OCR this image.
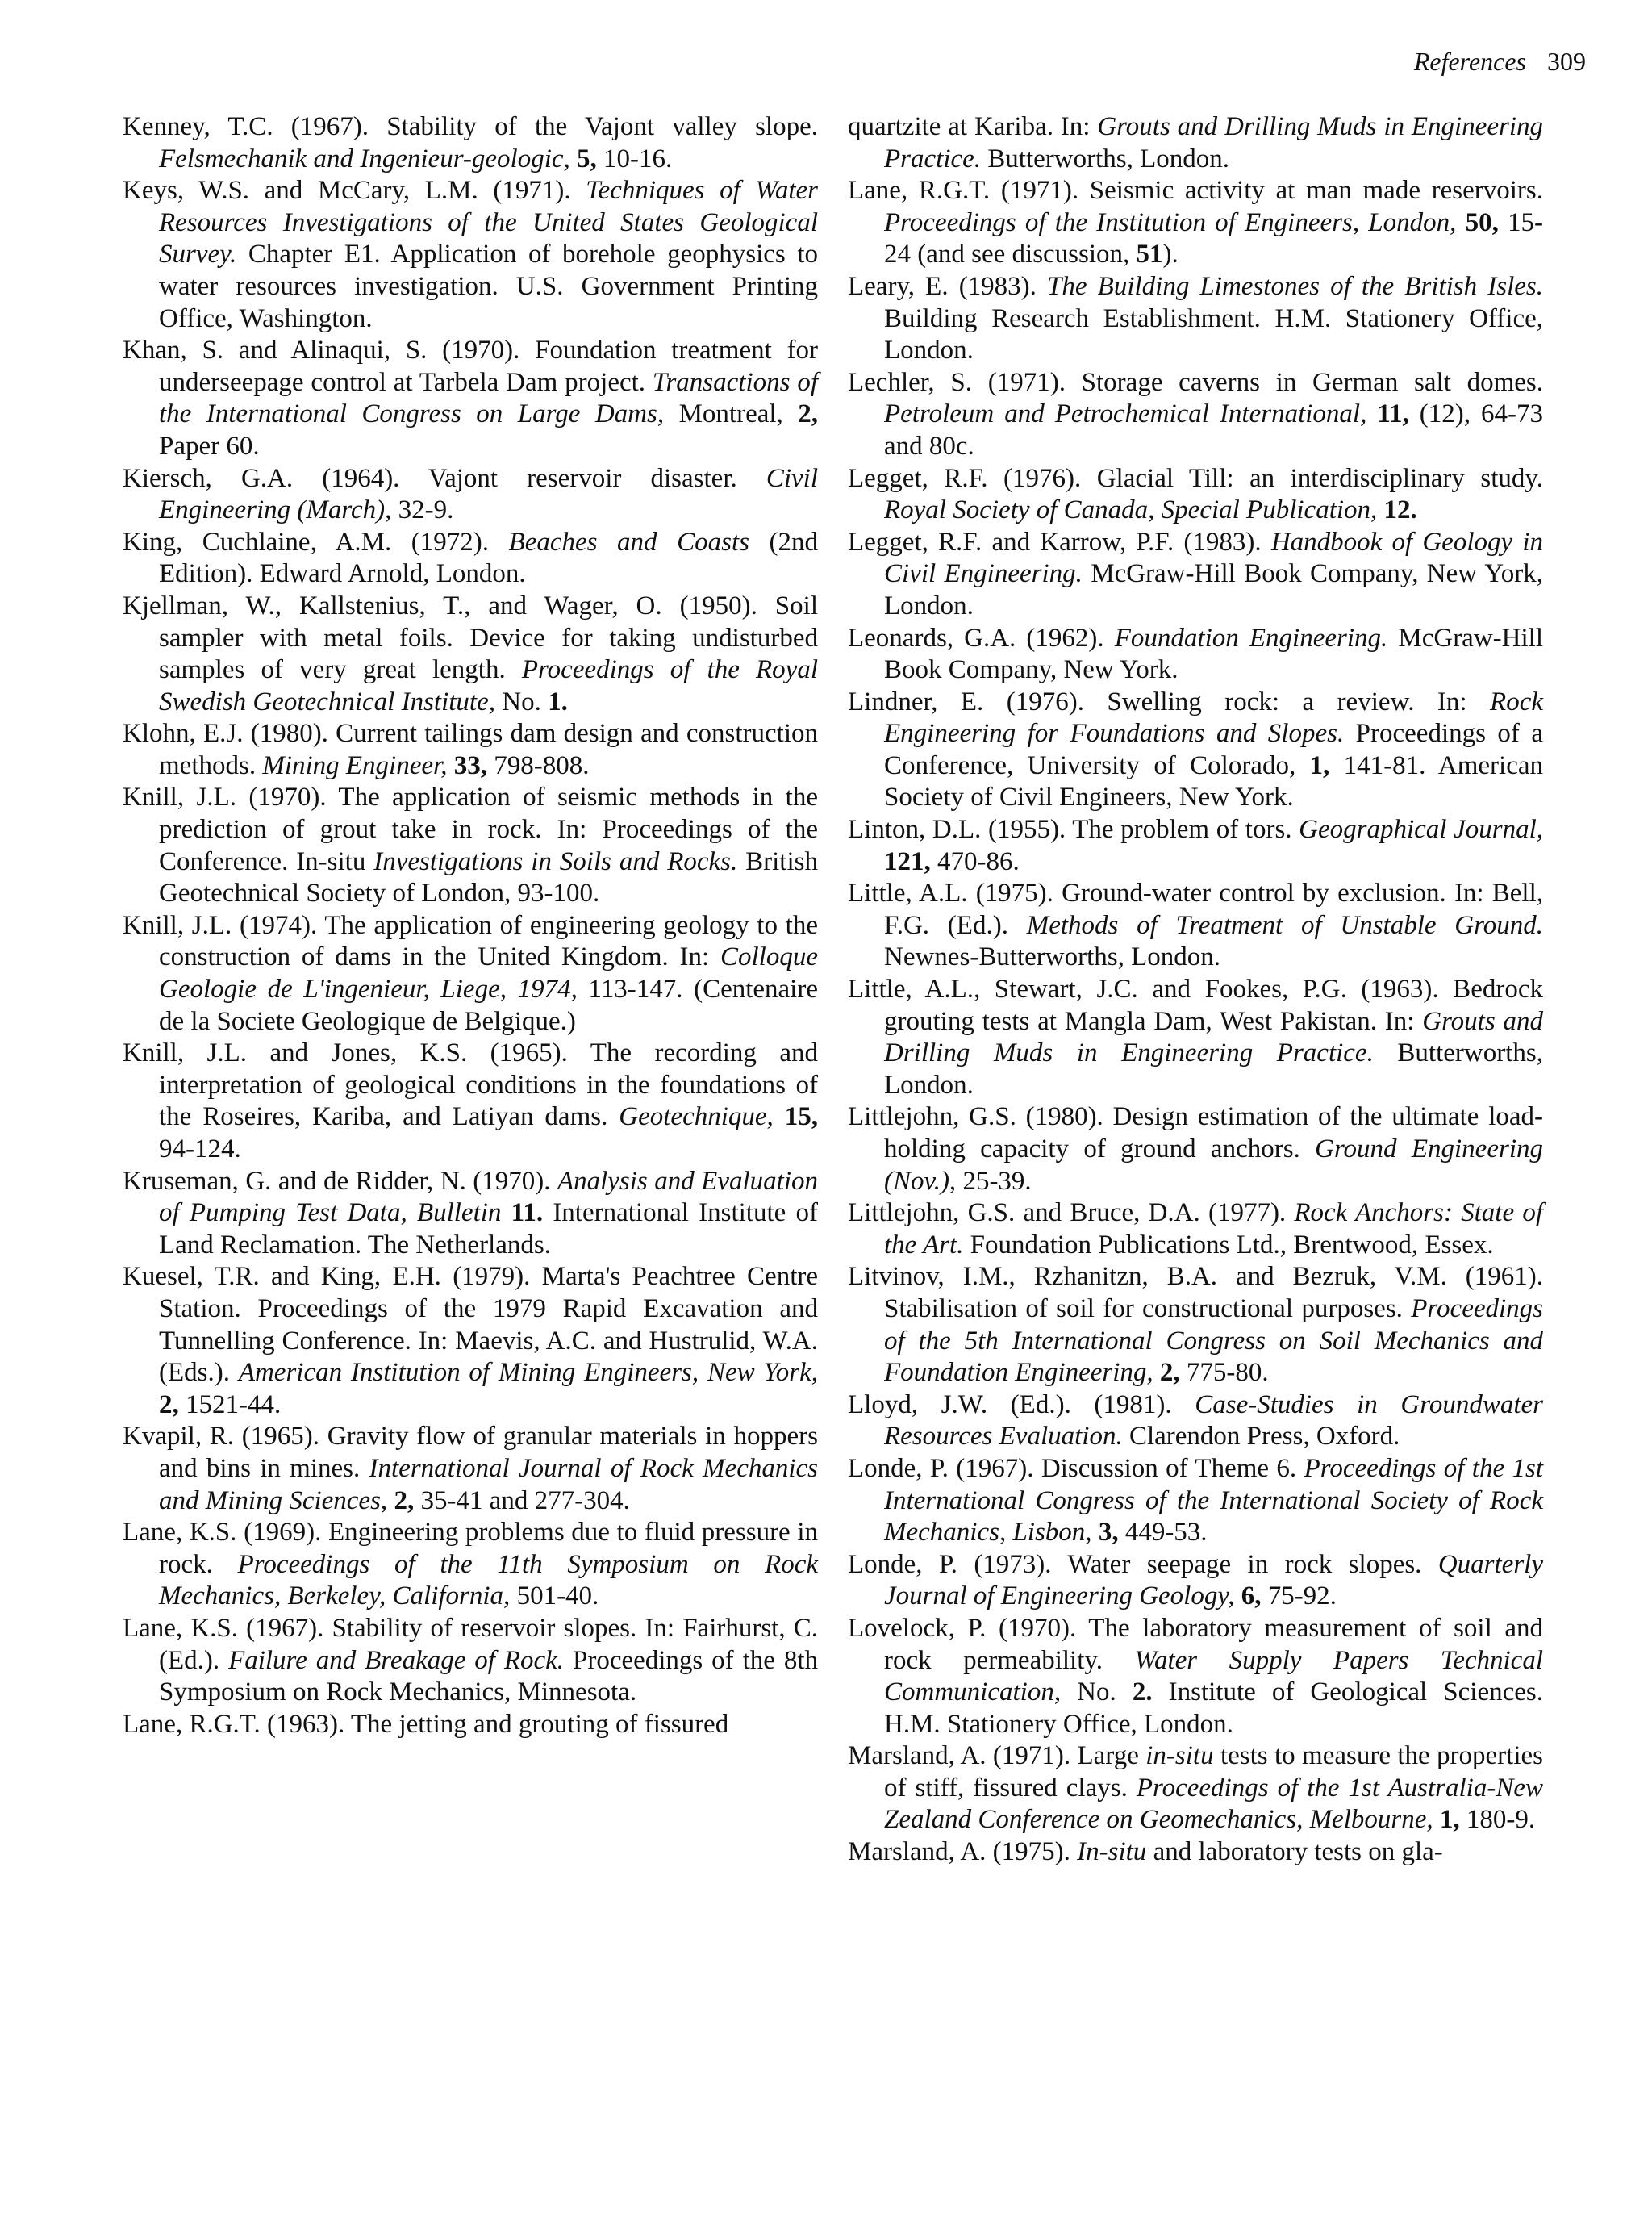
References 309
Kenney, T.C. (1967). Stability of the Vajont valley slope. Felsmechanik and Ingenieur-geologic, 5, 10-16.
Keys, W.S. and McCary, L.M. (1971). Techniques of Water Resources Investigations of the United States Geological Survey. Chapter E1. Application of borehole geophysics to water resources investigation. U.S. Government Printing Office, Washington.
Khan, S. and Alinaqui, S. (1970). Foundation treatment for underseepage control at Tarbela Dam project. Transactions of the International Congress on Large Dams, Montreal, 2, Paper 60.
Kiersch, G.A. (1964). Vajont reservoir disaster. Civil Engineering (March), 32-9.
King, Cuchlaine, A.M. (1972). Beaches and Coasts (2nd Edition). Edward Arnold, London.
Kjellman, W., Kallstenius, T., and Wager, O. (1950). Soil sampler with metal foils. Device for taking undisturbed samples of very great length. Proceedings of the Royal Swedish Geotechnical Institute, No. 1.
Klohn, E.J. (1980). Current tailings dam design and construction methods. Mining Engineer, 33, 798-808.
Knill, J.L. (1970). The application of seismic methods in the prediction of grout take in rock. In: Proceedings of the Conference. In-situ Investigations in Soils and Rocks. British Geotechnical Society of London, 93-100.
Knill, J.L. (1974). The application of engineering geology to the construction of dams in the United Kingdom. In: Colloque Geologie de L'ingenieur, Liege, 1974, 113-147. (Centenaire de la Societe Geologique de Belgique.)
Knill, J.L. and Jones, K.S. (1965). The recording and interpretation of geological conditions in the foundations of the Roseires, Kariba, and Latiyan dams. Geotechnique, 15, 94-124.
Kruseman, G. and de Ridder, N. (1970). Analysis and Evaluation of Pumping Test Data, Bulletin 11. International Institute of Land Reclamation. The Netherlands.
Kuesel, T.R. and King, E.H. (1979). Marta's Peachtree Centre Station. Proceedings of the 1979 Rapid Excavation and Tunnelling Conference. In: Maevis, A.C. and Hustrulid, W.A. (Eds.). American Institution of Mining Engineers, New York, 2, 1521-44.
Kvapil, R. (1965). Gravity flow of granular materials in hoppers and bins in mines. International Journal of Rock Mechanics and Mining Sciences, 2, 35-41 and 277-304.
Lane, K.S. (1969). Engineering problems due to fluid pressure in rock. Proceedings of the 11th Symposium on Rock Mechanics, Berkeley, California, 501-40.
Lane, K.S. (1967). Stability of reservoir slopes. In: Fairhurst, C. (Ed.). Failure and Breakage of Rock. Proceedings of the 8th Symposium on Rock Mechanics, Minnesota.
Lane, R.G.T. (1963). The jetting and grouting of fissured
quartzite at Kariba. In: Grouts and Drilling Muds in Engineering Practice. Butterworths, London.
Lane, R.G.T. (1971). Seismic activity at man made reservoirs. Proceedings of the Institution of Engineers, London, 50, 15-24 (and see discussion, 51).
Leary, E. (1983). The Building Limestones of the British Isles. Building Research Establishment. H.M. Stationery Office, London.
Lechler, S. (1971). Storage caverns in German salt domes. Petroleum and Petrochemical International, 11, (12), 64-73 and 80c.
Legget, R.F. (1976). Glacial Till: an interdisciplinary study. Royal Society of Canada, Special Publication, 12.
Legget, R.F. and Karrow, P.F. (1983). Handbook of Geology in Civil Engineering. McGraw-Hill Book Company, New York, London.
Leonards, G.A. (1962). Foundation Engineering. McGraw-Hill Book Company, New York.
Lindner, E. (1976). Swelling rock: a review. In: Rock Engineering for Foundations and Slopes. Proceedings of a Conference, University of Colorado, 1, 141-81. American Society of Civil Engineers, New York.
Linton, D.L. (1955). The problem of tors. Geographical Journal, 121, 470-86.
Little, A.L. (1975). Ground-water control by exclusion. In: Bell, F.G. (Ed.). Methods of Treatment of Unstable Ground. Newnes-Butterworths, London.
Little, A.L., Stewart, J.C. and Fookes, P.G. (1963). Bedrock grouting tests at Mangla Dam, West Pakistan. In: Grouts and Drilling Muds in Engineering Practice. Butterworths, London.
Littlejohn, G.S. (1980). Design estimation of the ultimate load-holding capacity of ground anchors. Ground Engineering (Nov.), 25-39.
Littlejohn, G.S. and Bruce, D.A. (1977). Rock Anchors: State of the Art. Foundation Publications Ltd., Brentwood, Essex.
Litvinov, I.M., Rzhanitzn, B.A. and Bezruk, V.M. (1961). Stabilisation of soil for constructional purposes. Proceedings of the 5th International Congress on Soil Mechanics and Foundation Engineering, 2, 775-80.
Lloyd, J.W. (Ed.). (1981). Case-Studies in Groundwater Resources Evaluation. Clarendon Press, Oxford.
Londe, P. (1967). Discussion of Theme 6. Proceedings of the 1st International Congress of the International Society of Rock Mechanics, Lisbon, 3, 449-53.
Londe, P. (1973). Water seepage in rock slopes. Quarterly Journal of Engineering Geology, 6, 75-92.
Lovelock, P. (1970). The laboratory measurement of soil and rock permeability. Water Supply Papers Technical Communication, No. 2. Institute of Geological Sciences. H.M. Stationery Office, London.
Marsland, A. (1971). Large in-situ tests to measure the properties of stiff, fissured clays. Proceedings of the 1st Australia-New Zealand Conference on Geomechanics, Melbourne, 1, 180-9.
Marsland, A. (1975). In-situ and laboratory tests on gla-
